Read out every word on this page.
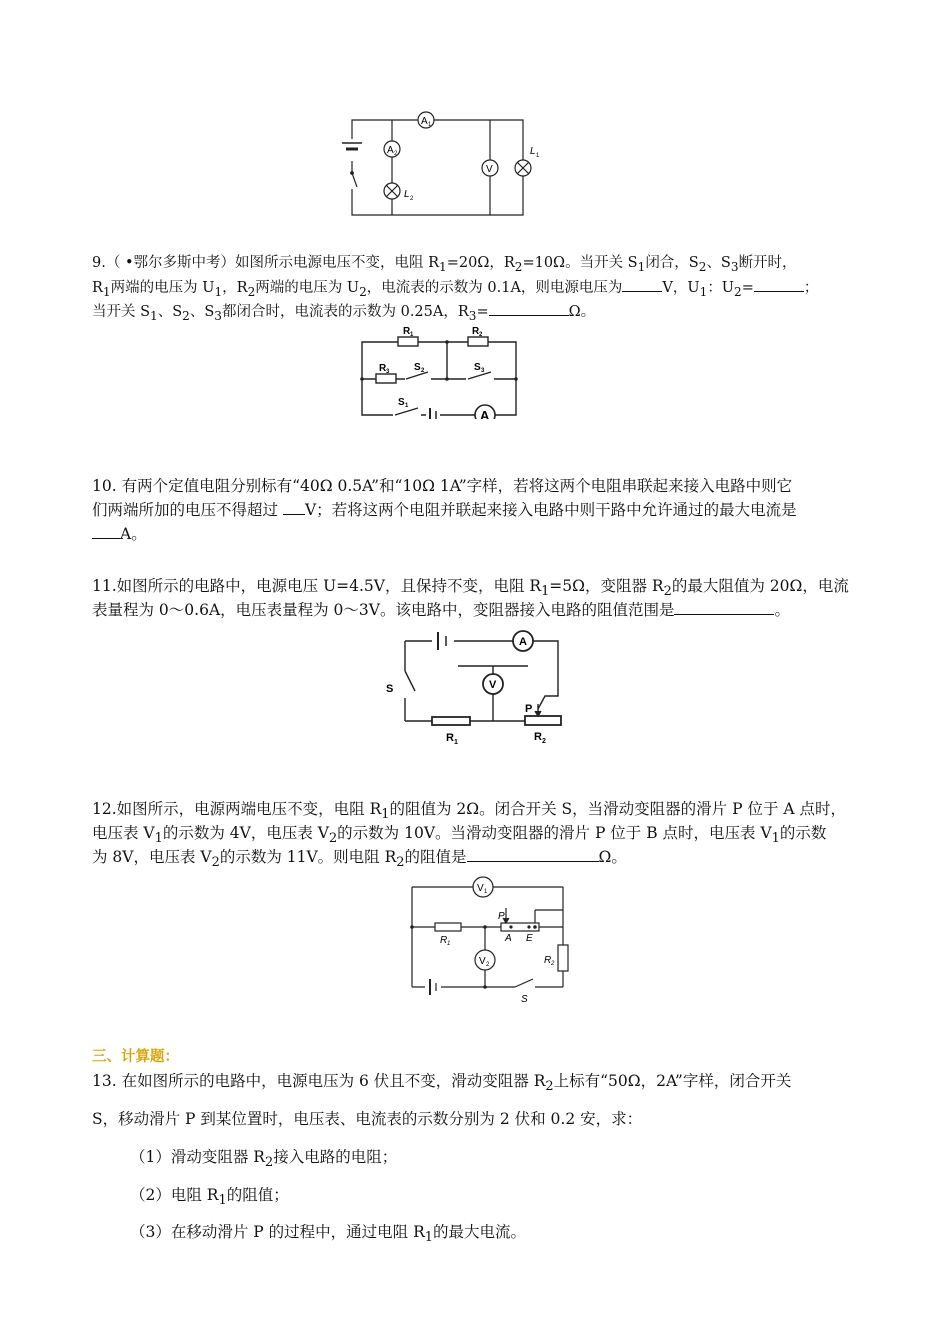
A 1
A 2
V
L 1
L 2
9.（ •鄂尔多斯中考）如图所示电源电压不变，电阻 $R_1=20\Omega$，$R_2=10\Omega$。当开关 $S_1$闭合，$S_2$、$S_3$断开时，
$R_1$两端的电压为 $U_1$，$R_2$两端的电压为 $U_2$，电流表的示数为 0.1A，则电源电压为	V，$U_1$：$U_2=$	；
当开关 $S_1$、$S_2$、$S_3$都闭合时，电流表的示数为 0.25A，$R_3=$	Ω。
R 1	R 2
R 3 S 2	S 3
S 1
A
10. 有两个定值电阻分别标有“40Ω 0.5A”和“10Ω 1A”字样，若将这两个电阻串联起来接入电路中则它
们两端所加的电压不得超过 V；若将这两个电阻并联起来接入电路中则干路中允许通过的最大电流是
A。
11.如图所示的电路中，电源电压 U=4.5V，且保持不变，电阻 $R_1=5\Omega$，变阻器 $R_2$的最大阻值为 20Ω，电流
表量程为 0～0.6A，电压表量程为 0～3V。该电路中，变阻器接入电路的阻值范围是	。
A
V
S
P
R 1	R 2
12.如图所示，电源两端电压不变，电阻 $R_1$的阻值为 2Ω。闭合开关 S，当滑动变阻器的滑片 P 位于 A 点时，
电压表 $V_1$的示数为 4V，电压表 $V_2$的示数为 10V。当滑动变阻器的滑片 P 位于 B 点时，电压表 $V_1$的示数
为 8V，电压表 $V_2$的示数为 11V。则电阻 $R_2$的阻值是	Ω。
V 1
V 2
R 1
R 2
P
A E
S
三、计算题：
13. 在如图所示的电路中，电源电压为 6 伏且不变，滑动变阻器 $R_2$上标有“50Ω，2A”字样，闭合开关
S，移动滑片 P 到某位置时，电压表、电流表的示数分别为 2 伏和 0.2 安，求：
（1）滑动变阻器 $R_2$接入电路的电阻；
（2）电阻 $R_1$的阻值；
（3）在移动滑片 P 的过程中，通过电阻 $R_1$的最大电流。
